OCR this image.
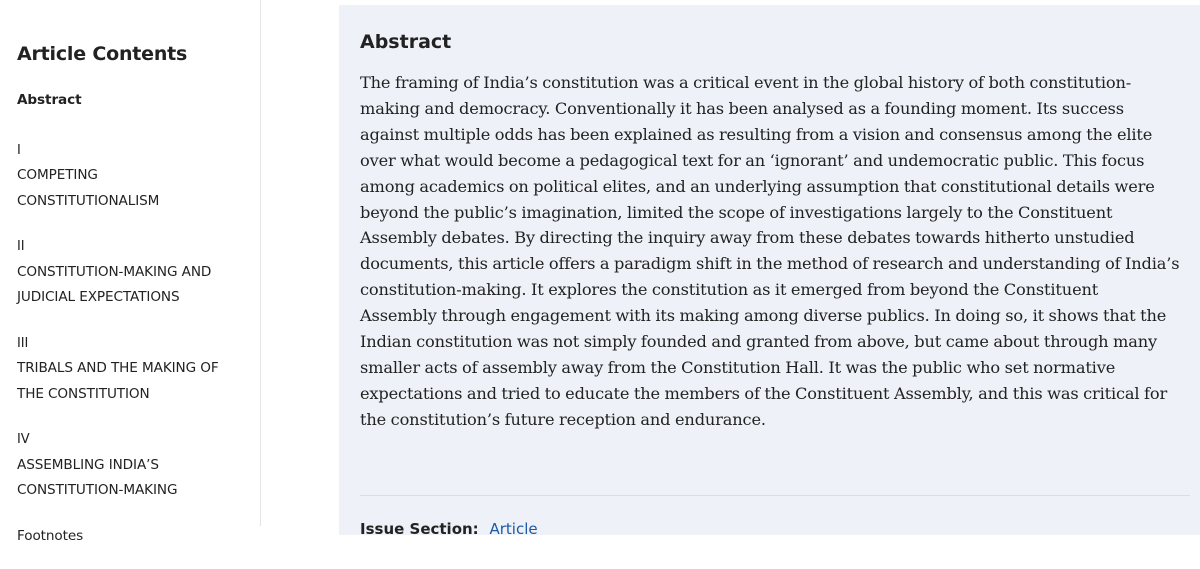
Article Contents
Abstract
I
COMPETING
CONSTITUTIONALISM
II
CONSTITUTION-MAKING AND
JUDICIAL EXPECTATIONS
III
TRIBALS AND THE MAKING OF
THE CONSTITUTION
IV
ASSEMBLING INDIA’S
CONSTITUTION-MAKING
Footnotes
Abstract
The framing of India’s constitution was a critical event in the global history of both constitution-
making and democracy. Conventionally it has been analysed as a founding moment. Its success
against multiple odds has been explained as resulting from a vision and consensus among the elite
over what would become a pedagogical text for an ‘ignorant’ and undemocratic public. This focus
among academics on political elites, and an underlying assumption that constitutional details were
beyond the public’s imagination, limited the scope of investigations largely to the Constituent
Assembly debates. By directing the inquiry away from these debates towards hitherto unstudied
documents, this article offers a paradigm shift in the method of research and understanding of India’s
constitution-making. It explores the constitution as it emerged from beyond the Constituent
Assembly through engagement with its making among diverse publics. In doing so, it shows that the
Indian constitution was not simply founded and granted from above, but came about through many
smaller acts of assembly away from the Constitution Hall. It was the public who set normative
expectations and tried to educate the members of the Constituent Assembly, and this was critical for
the constitution’s future reception and endurance.
Issue Section: Article
